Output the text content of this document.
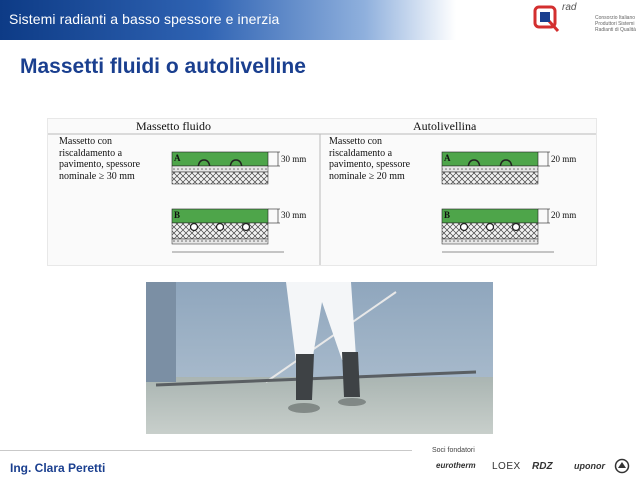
Sistemi radianti a basso spessore e inerzia
rad
Consorzio Italiano
Produttori Sistemi
Radianti di Qualità
Massetti fluidi o autolivelline
Massetto fluido	Autolivellina
Massetto con riscaldamento a pavimento, spessore nominale ≥ 30 mm
Massetto con riscaldamento a pavimento, spessore nominale ≥ 20 mm
A
B
A
B
30 mm
30 mm
20 mm
20 mm
Ing. Clara Peretti
Soci fondatori
eurotherm LOEX RDZ uponor
